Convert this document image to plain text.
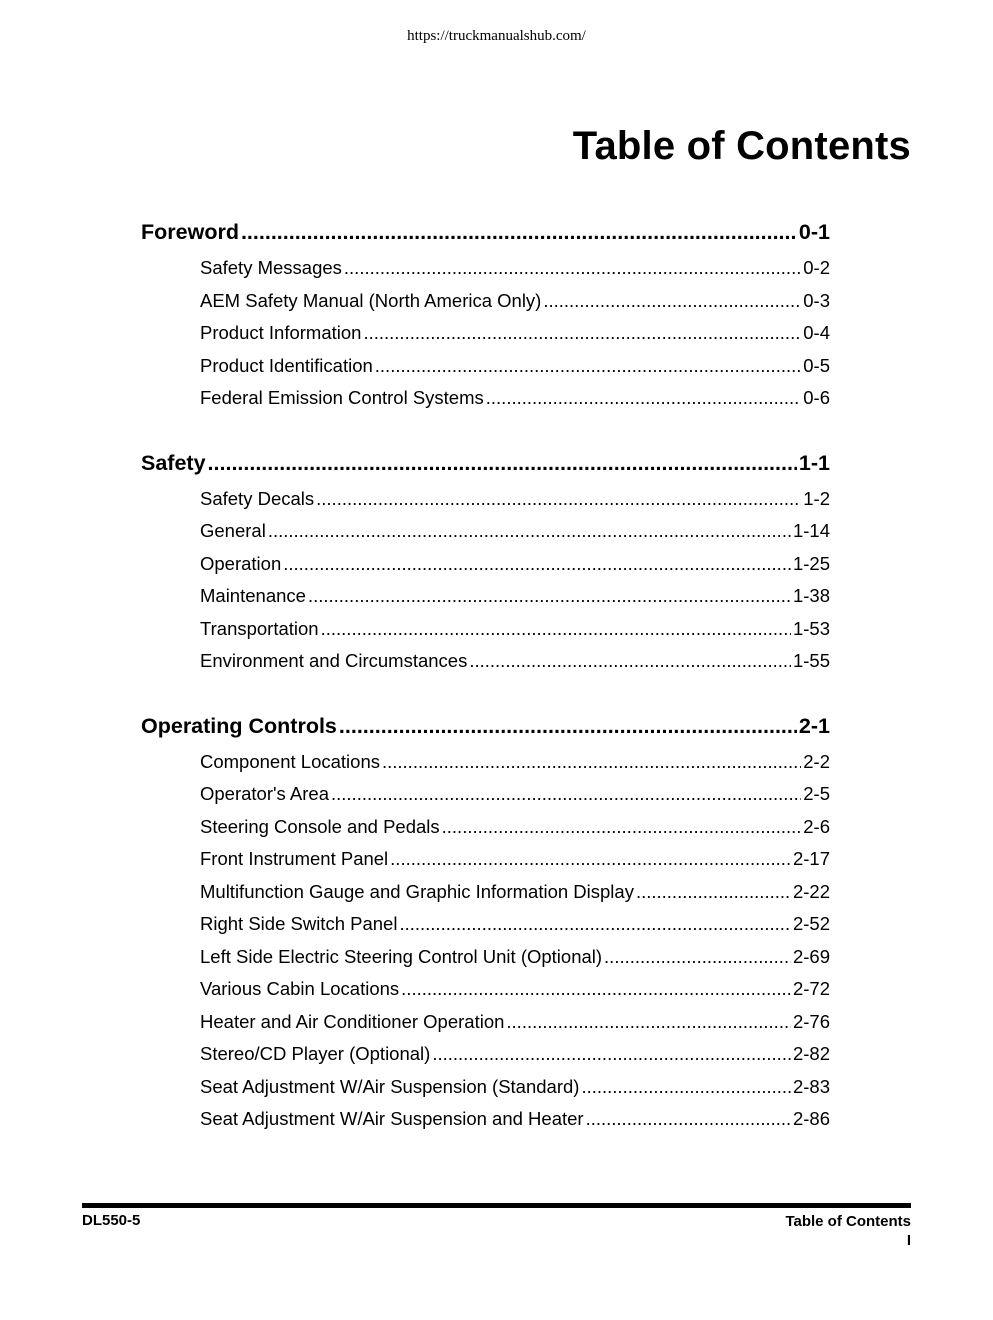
https://truckmanualshub.com/
Table of Contents
Foreword .....	0-1
Safety Messages .....	0-2
AEM Safety Manual (North America Only) .....	0-3
Product Information .....	0-4
Product Identification .....	0-5
Federal Emission Control Systems .....	0-6
Safety .....	1-1
Safety Decals .....	1-2
General .....	1-14
Operation .....	1-25
Maintenance .....	1-38
Transportation .....	1-53
Environment and Circumstances .....	1-55
Operating Controls .....	2-1
Component Locations .....	2-2
Operator's Area .....	2-5
Steering Console and Pedals .....	2-6
Front Instrument Panel .....	2-17
Multifunction Gauge and Graphic Information Display .....	2-22
Right Side Switch Panel .....	2-52
Left Side Electric Steering Control Unit (Optional) .....	2-69
Various Cabin Locations .....	2-72
Heater and Air Conditioner Operation .....	2-76
Stereo/CD Player (Optional) .....	2-82
Seat Adjustment W/Air Suspension (Standard) .....	2-83
Seat Adjustment W/Air Suspension and Heater .....	2-86
DL550-5	Table of Contents
I
